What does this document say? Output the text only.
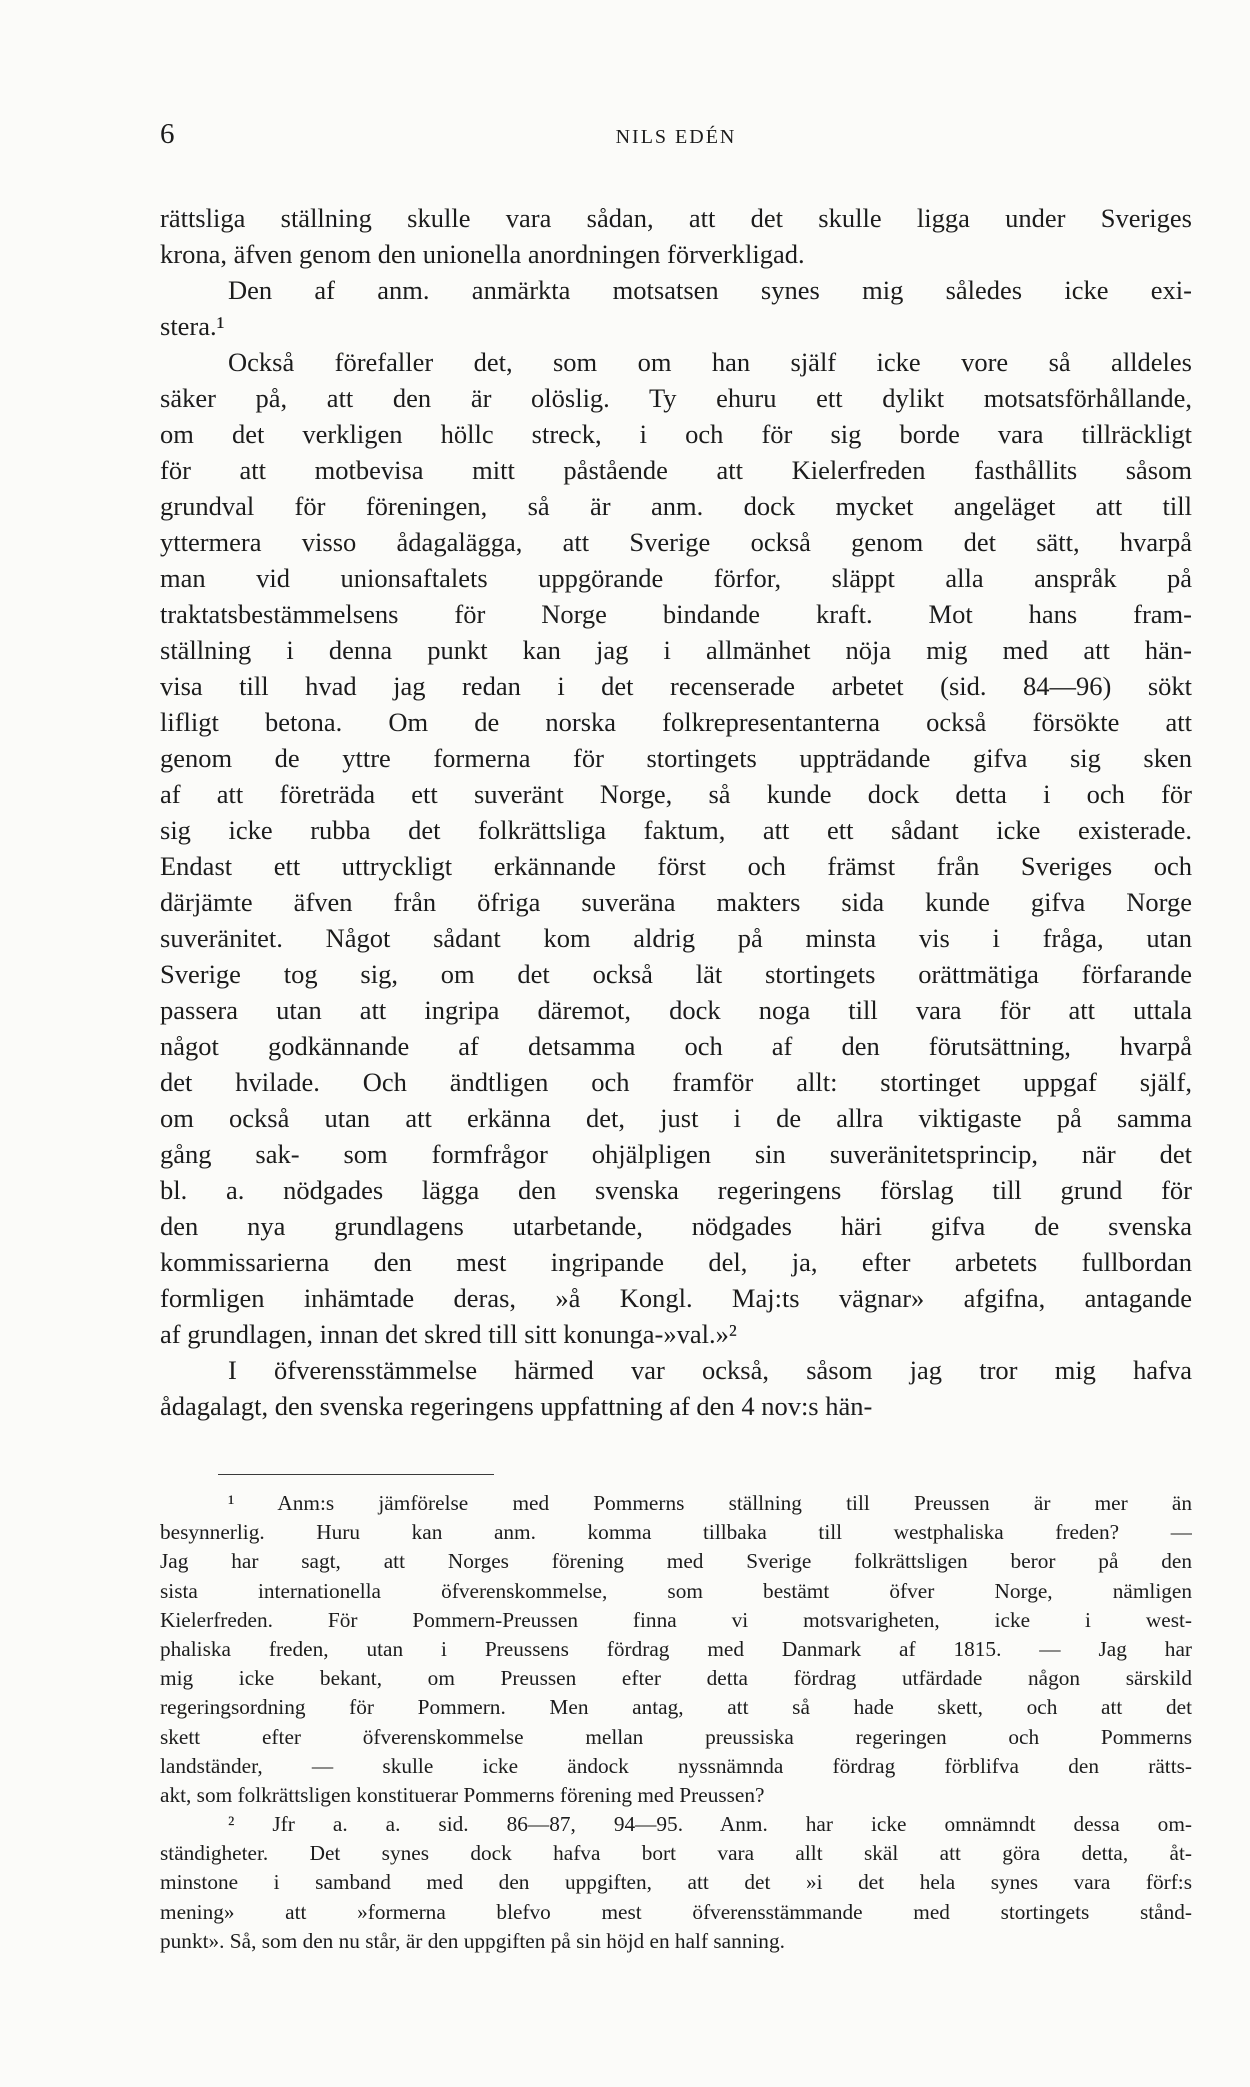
6	NILS EDÉN
rättsliga ställning skulle vara sådan, att det skulle ligga under Sveriges
krona, äfven genom den unionella anordningen förverkligad.
Den af anm. anmärkta motsatsen synes mig således icke exi-
stera.¹
Också förefaller det, som om han själf icke vore så alldeles
säker på, att den är olöslig. Ty ehuru ett dylikt motsatsförhållande,
om det verkligen höllc streck, i och för sig borde vara tillräckligt
för att motbevisa mitt påstående att Kielerfreden fasthållits såsom
grundval för föreningen, så är anm. dock mycket angeläget att till
yttermera visso ådagalägga, att Sverige också genom det sätt, hvarpå
man vid unionsaftalets uppgörande förfor, släppt alla anspråk på
traktatsbestämmelsens för Norge bindande kraft. Mot hans fram-
ställning i denna punkt kan jag i allmänhet nöja mig med att hän-
visa till hvad jag redan i det recenserade arbetet (sid. 84—96) sökt
lifligt betona. Om de norska folkrepresentanterna också försökte att
genom de yttre formerna för stortingets uppträdande gifva sig sken
af att företräda ett suveränt Norge, så kunde dock detta i och för
sig icke rubba det folkrättsliga faktum, att ett sådant icke existerade.
Endast ett uttryckligt erkännande först och främst från Sveriges och
därjämte äfven från öfriga suveräna makters sida kunde gifva Norge
suveränitet. Något sådant kom aldrig på minsta vis i fråga, utan
Sverige tog sig, om det också lät stortingets orättmätiga förfarande
passera utan att ingripa däremot, dock noga till vara för att uttala
något godkännande af detsamma och af den förutsättning, hvarpå
det hvilade. Och ändtligen och framför allt: stortinget uppgaf själf,
om också utan att erkänna det, just i de allra viktigaste på samma
gång sak- som formfrågor ohjälpligen sin suveränitetsprincip, när det
bl. a. nödgades lägga den svenska regeringens förslag till grund för
den nya grundlagens utarbetande, nödgades häri gifva de svenska
kommissarierna den mest ingripande del, ja, efter arbetets fullbordan
formligen inhämtade deras, »å Kongl. Maj:ts vägnar» afgifna, antagande
af grundlagen, innan det skred till sitt konunga-»val.»²
I öfverensstämmelse härmed var också, såsom jag tror mig hafva
ådagalagt, den svenska regeringens uppfattning af den 4 nov:s hän-
¹ Anm:s jämförelse med Pommerns ställning till Preussen är mer än
besynnerlig. Huru kan anm. komma tillbaka till westphaliska freden? —
Jag har sagt, att Norges förening med Sverige folkrättsligen beror på den
sista internationella öfverenskommelse, som bestämt öfver Norge, nämligen
Kielerfreden. För Pommern-Preussen finna vi motsvarigheten, icke i west-
phaliska freden, utan i Preussens fördrag med Danmark af 1815. — Jag har
mig icke bekant, om Preussen efter detta fördrag utfärdade någon särskild
regeringsordning för Pommern. Men antag, att så hade skett, och att det
skett efter öfverenskommelse mellan preussiska regeringen och Pommerns
landständer, — skulle icke ändock nyssnämnda fördrag förblifva den rätts-
akt, som folkrättsligen konstituerar Pommerns förening med Preussen?
² Jfr a. a. sid. 86—87, 94—95. Anm. har icke omnämndt dessa om-
ständigheter. Det synes dock hafva bort vara allt skäl att göra detta, åt-
minstone i samband med den uppgiften, att det »i det hela synes vara förf:s
mening» att »formerna blefvo mest öfverensstämmande med stortingets stånd-
punkt». Så, som den nu står, är den uppgiften på sin höjd en half sanning.
